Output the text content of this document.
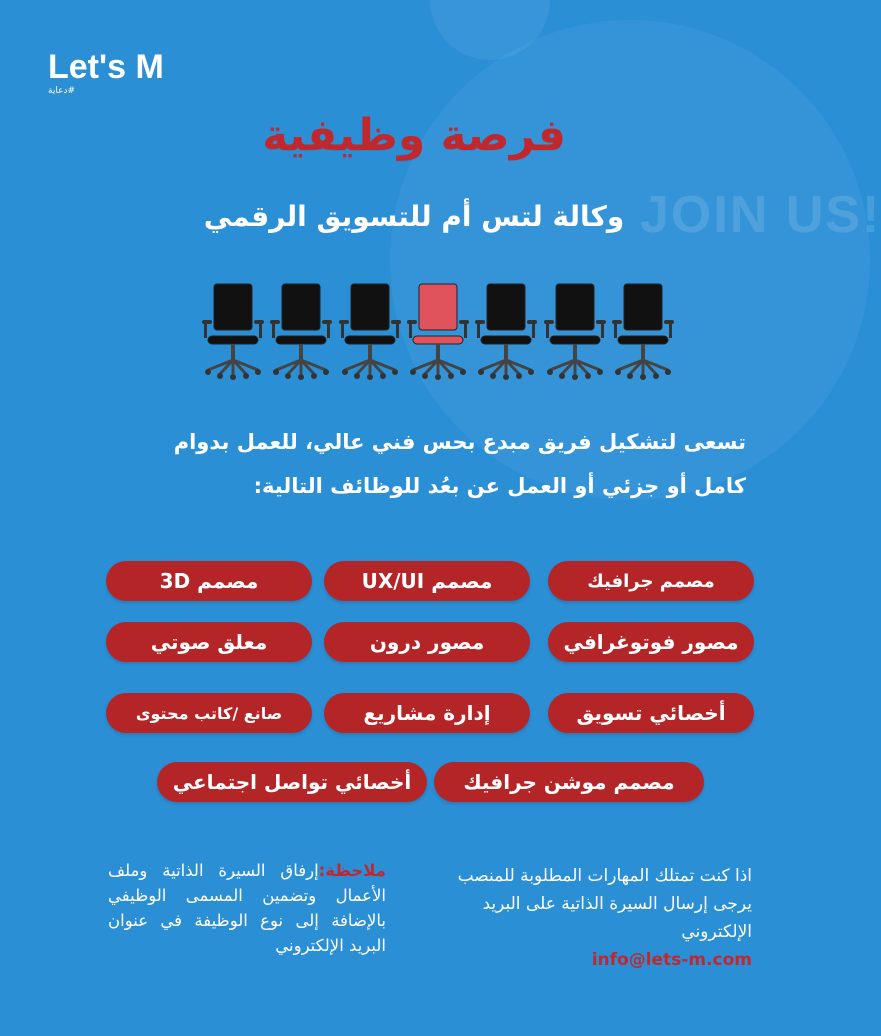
JOIN US!
Let's M
#دعاية
فرصة وظيفية
وكالة لتس أم للتسويق الرقمي
تسعى لتشكيل فريق مبدع بحس فني عالي، للعمل بدوام
كامل أو جزئي أو العمل عن بعُد للوظائف التالية:
مصمم جرافيك
مصمم UX/UI
مصمم 3D
مصور فوتوغرافي
مصور درون
معلق صوتي
أخصائي تسويق
إدارة مشاريع
صانع /كاتب محتوى
مصمم موشن جرافيك
أخصائي تواصل اجتماعي
ملاحظة:إرفاق السيرة الذاتية وملف الأعمال وتضمين المسمى الوظيفي بالإضافة إلى نوع الوظيفة في عنوان البريد الإلكتروني
اذا كنت تمتلك المهارات المطلوبة للمنصب
يرجى إرسال السيرة الذاتية على البريد الإلكتروني
info@lets-m.com
